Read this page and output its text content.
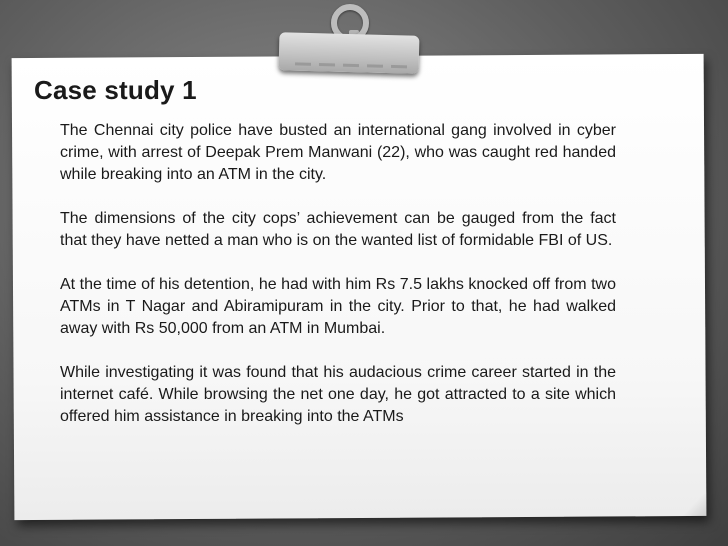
Case study 1

The Chennai city police have busted an international gang involved in cyber crime, with arrest of Deepak Prem Manwani (22), who was caught red handed while breaking into an ATM in the city.

The dimensions of the city cops’ achievement can be gauged from the fact that they have netted a man who is on the wanted list of formidable FBI of US.

At the time of his detention, he had with him Rs 7.5 lakhs knocked off from two ATMs in T Nagar and Abiramipuram in the city. Prior to that, he had walked away with Rs 50,000 from an ATM in Mumbai.

While investigating it was found that his audacious crime career started in the internet café. While browsing the net one day, he got attracted to a site which offered him assistance in breaking into the ATMs
